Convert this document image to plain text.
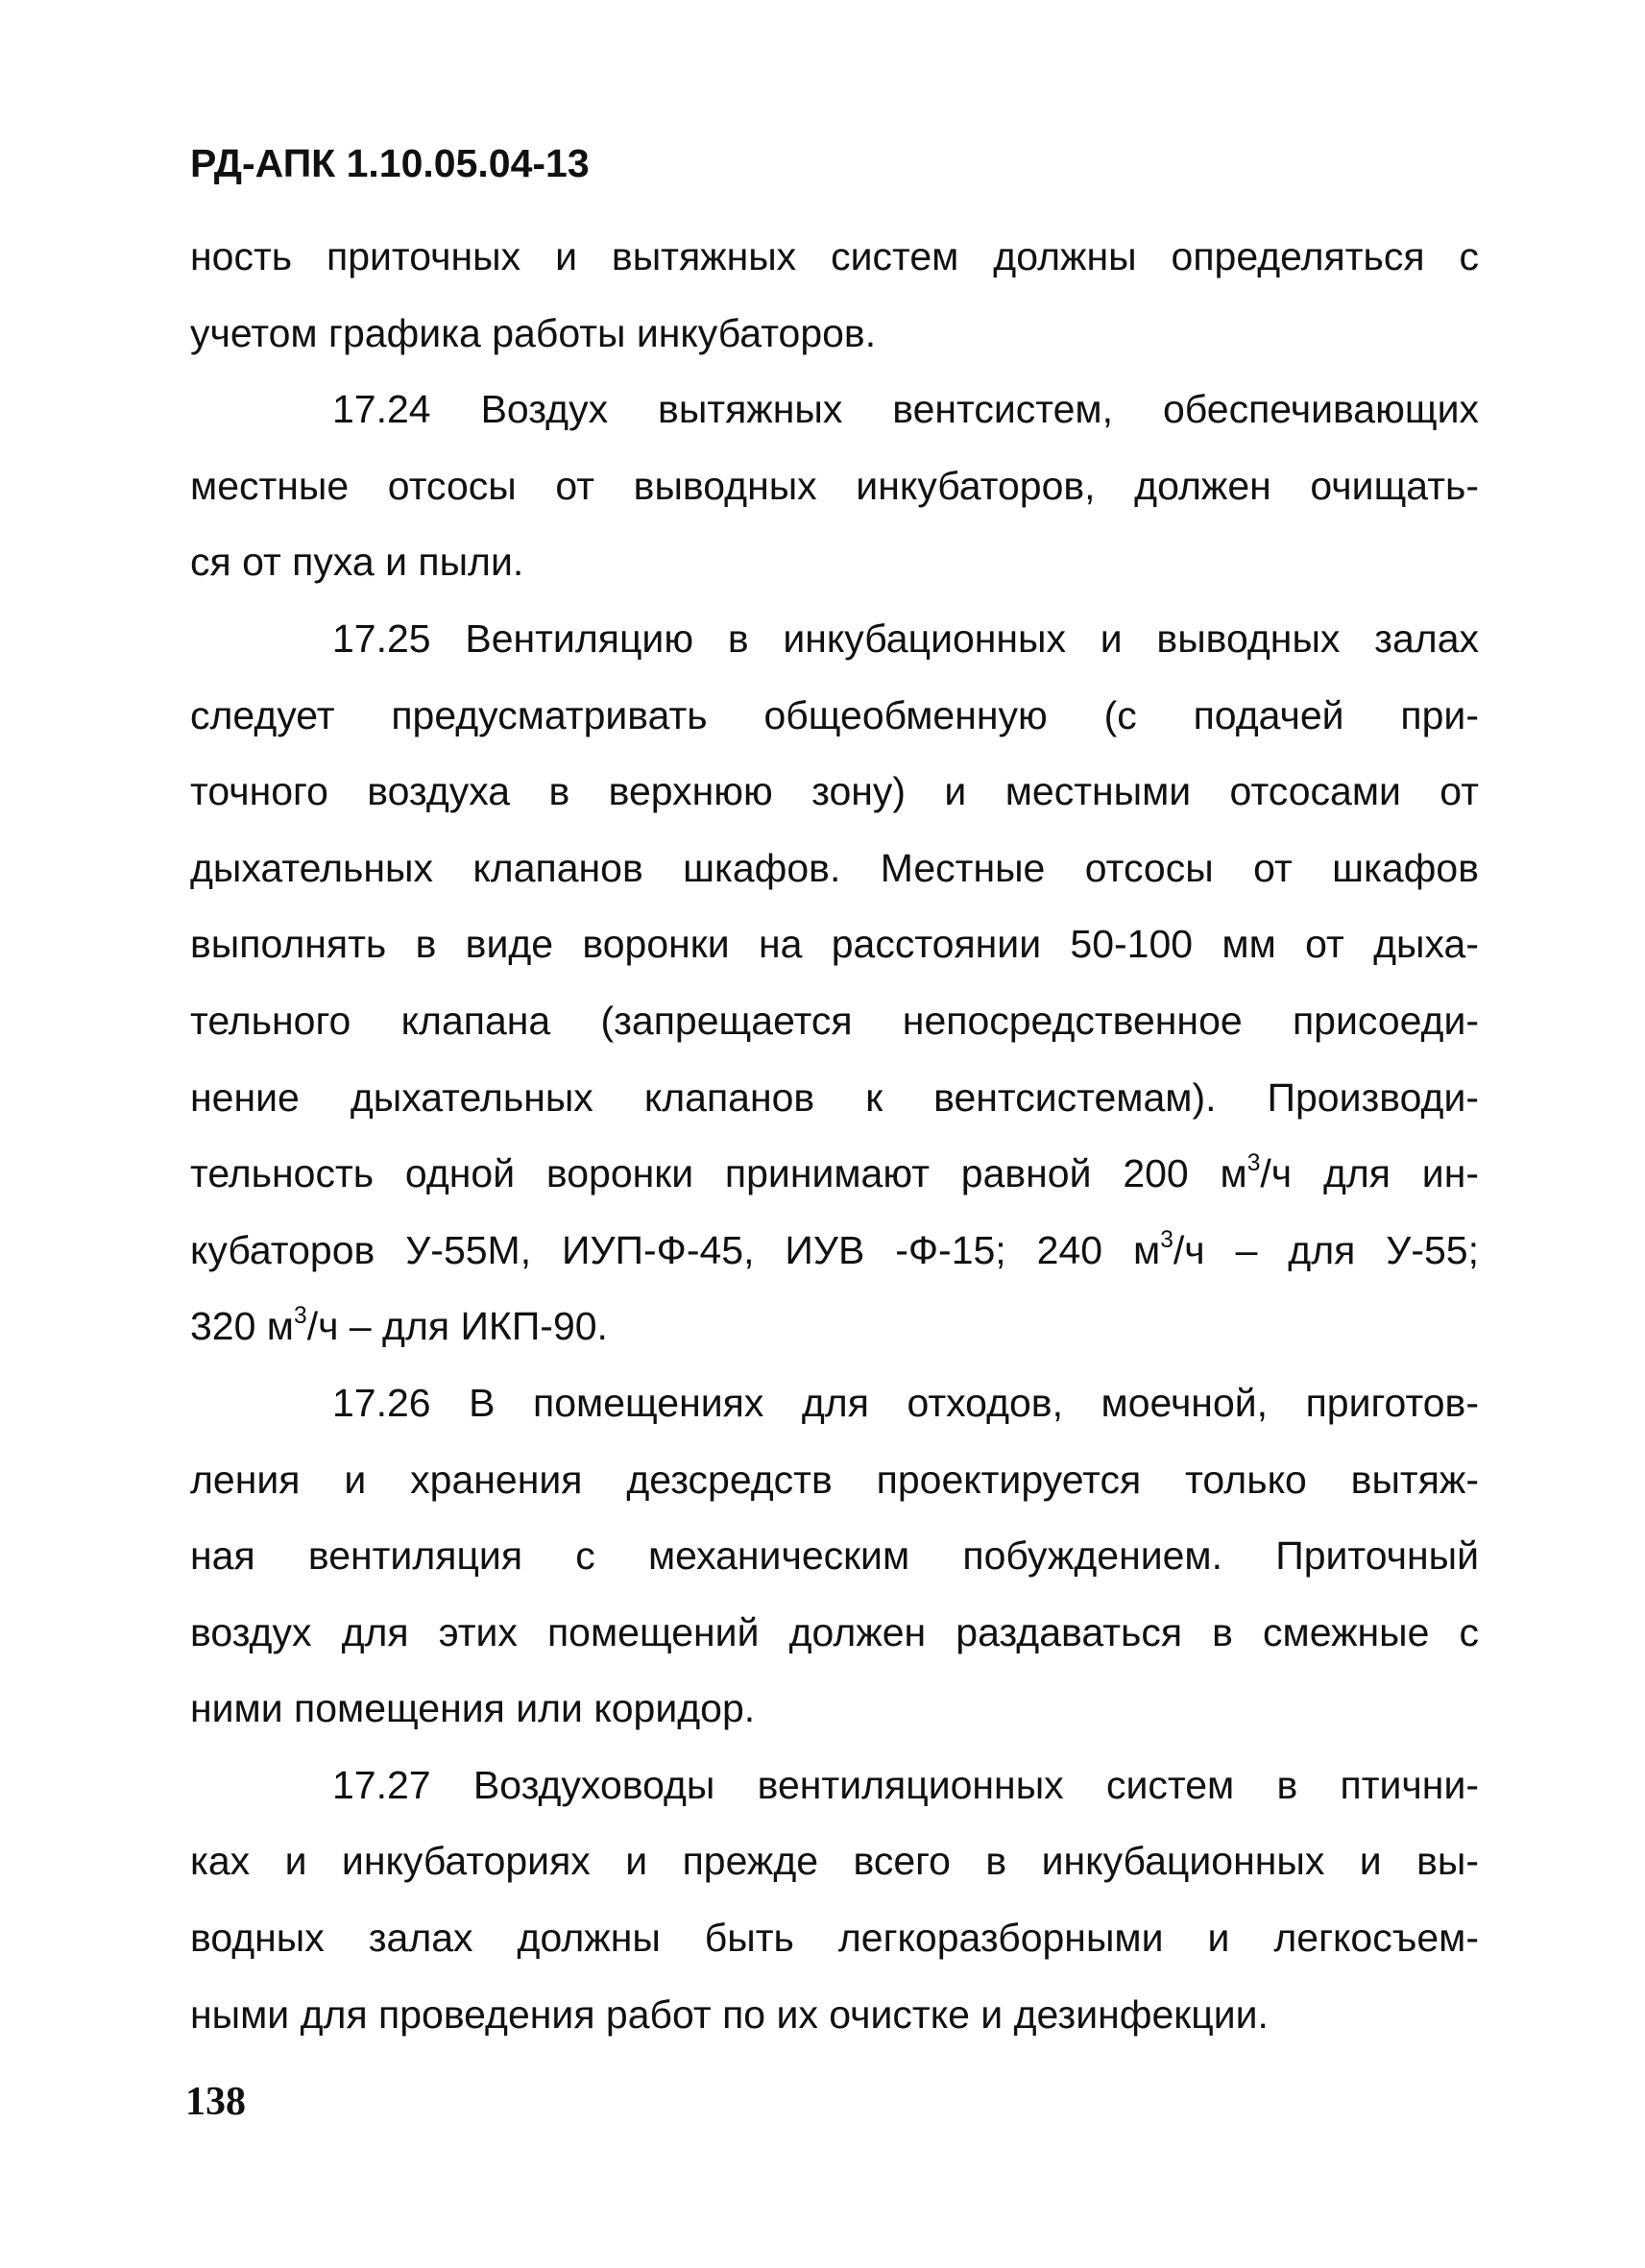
РД-АПК 1.10.05.04-13
ность приточных и вытяжных систем должны определяться с
учетом графика работы инкубаторов.
17.24 Воздух вытяжных вентсистем, обеспечивающих
местные отсосы от выводных инкубаторов, должен очищать-
ся от пуха и пыли.
17.25 Вентиляцию в инкубационных и выводных залах
следует предусматривать общеобменную (с подачей при-
точного воздуха в верхнюю зону) и местными отсосами от
дыхательных клапанов шкафов. Местные отсосы от шкафов
выполнять в виде воронки на расстоянии 50-100 мм от дыха-
тельного клапана (запрещается непосредственное присоеди-
нение дыхательных клапанов к вентсистемам). Производи-
тельность одной воронки принимают равной 200 $м^3/ч$ для ин-
кубаторов У-55М, ИУП-Ф-45, ИУВ -Ф-15; 240 $м^3/ч$ – для У-55;
320 $м^3/ч$ – для ИКП-90.
17.26 В помещениях для отходов, моечной, приготов-
ления и хранения дезсредств проектируется только вытяж-
ная вентиляция с механическим побуждением. Приточный
воздух для этих помещений должен раздаваться в смежные с
ними помещения или коридор.
17.27 Воздуховоды вентиляционных систем в птични-
ках и инкубаториях и прежде всего в инкубационных и вы-
водных залах должны быть легкоразборными и легкосъем-
ными для проведения работ по их очистке и дезинфекции.
138
